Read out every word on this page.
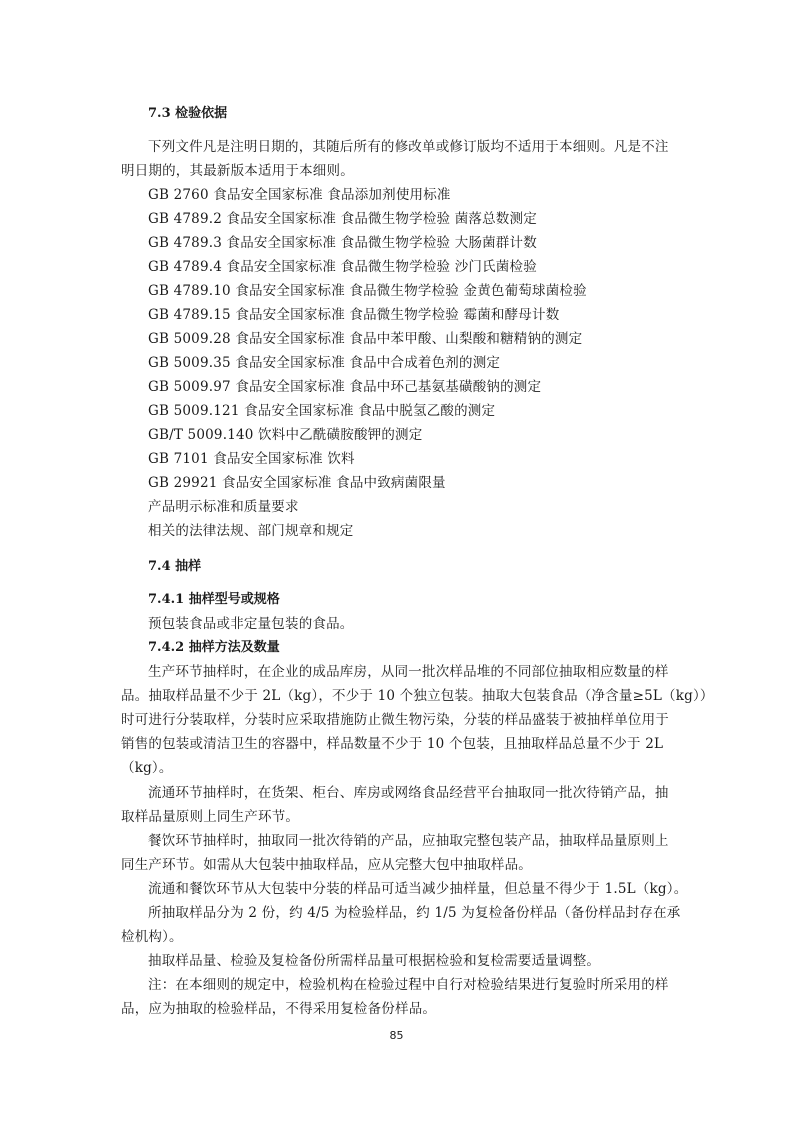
7.3 检验依据
下列文件凡是注明日期的，其随后所有的修改单或修订版均不适用于本细则。凡是不注
明日期的，其最新版本适用于本细则。
GB 2760 食品安全国家标准 食品添加剂使用标准
GB 4789.2 食品安全国家标准 食品微生物学检验 菌落总数测定
GB 4789.3 食品安全国家标准 食品微生物学检验 大肠菌群计数
GB 4789.4 食品安全国家标准 食品微生物学检验 沙门氏菌检验
GB 4789.10 食品安全国家标准 食品微生物学检验 金黄色葡萄球菌检验
GB 4789.15 食品安全国家标准 食品微生物学检验 霉菌和酵母计数
GB 5009.28 食品安全国家标准 食品中苯甲酸、山梨酸和糖精钠的测定
GB 5009.35 食品安全国家标准 食品中合成着色剂的测定
GB 5009.97 食品安全国家标准 食品中环己基氨基磺酸钠的测定
GB 5009.121 食品安全国家标准 食品中脱氢乙酸的测定
GB/T 5009.140 饮料中乙酰磺胺酸钾的测定
GB 7101 食品安全国家标准 饮料
GB 29921 食品安全国家标准 食品中致病菌限量
产品明示标准和质量要求
相关的法律法规、部门规章和规定
7.4 抽样
7.4.1 抽样型号或规格
预包装食品或非定量包装的食品。
7.4.2 抽样方法及数量
生产环节抽样时，在企业的成品库房，从同一批次样品堆的不同部位抽取相应数量的样
品。抽取样品量不少于 2L（kg），不少于 10 个独立包装。抽取大包装食品（净含量≥5L（kg））
时可进行分装取样，分装时应采取措施防止微生物污染，分装的样品盛装于被抽样单位用于
销售的包装或清洁卫生的容器中，样品数量不少于 10 个包装，且抽取样品总量不少于 2L
（kg）。
流通环节抽样时，在货架、柜台、库房或网络食品经营平台抽取同一批次待销产品，抽
取样品量原则上同生产环节。
餐饮环节抽样时，抽取同一批次待销的产品，应抽取完整包装产品，抽取样品量原则上
同生产环节。如需从大包装中抽取样品，应从完整大包中抽取样品。
流通和餐饮环节从大包装中分装的样品可适当减少抽样量，但总量不得少于 1.5L（kg）。
所抽取样品分为 2 份，约 4/5 为检验样品，约 1/5 为复检备份样品（备份样品封存在承
检机构）。
抽取样品量、检验及复检备份所需样品量可根据检验和复检需要适量调整。
注：在本细则的规定中，检验机构在检验过程中自行对检验结果进行复验时所采用的样
品，应为抽取的检验样品，不得采用复检备份样品。
85
